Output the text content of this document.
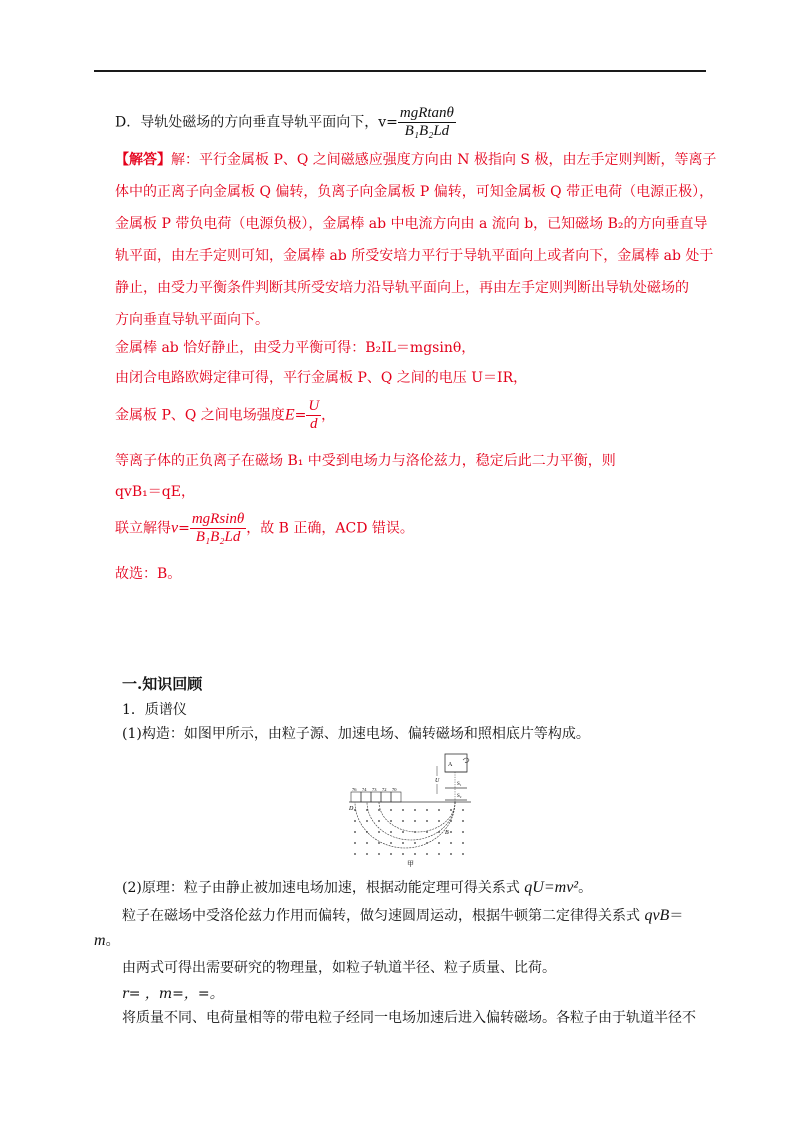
D．导轨处磁场的方向垂直导轨平面向下，$v= \frac{\text{mgRtanθ}}{\text{B₁B₂Ld}}$
【解答】解：平行金属板 P、Q 之间磁感应强度方向由 N 极指向 S 极，由左手定则判断，等离子
体中的正离子向金属板 Q 偏转，负离子向金属板 P 偏转，可知金属板 Q 带正电荷（电源正极），
金属板 P 带负电荷（电源负极），金属棒 ab 中电流方向由 a 流向 b，已知磁场 B₂的方向垂直导
轨平面，由左手定则可知，金属棒 ab 所受安培力平行于导轨平面向上或者向下，金属棒 ab 处于
静止，由受力平衡条件判断其所受安培力沿导轨平面向上，再由左手定则判断出导轨处磁场的
方向垂直导轨平面向下。
金属棒 ab 恰好静止，由受力平衡可得：B₂IL＝mgsinθ，
由闭合电路欧姆定律可得，平行金属板 P、Q 之间的电压 U＝IR，
金属板 P、Q 之间电场强度$E= \frac{U}{d}$ ，
等离子体的正负离子在磁场 B₁ 中受到电场力与洛伦兹力，稳定后此二力平衡，则
qvB₁＝qE，
联立解得$v= \frac{\text{mgRsinθ}}{\text{B₁B₂Ld}}$ ，故 B 正确，ACD 错误。
故选：B。
一.知识回顾
1．质谱仪
(1)构造：如图甲所示，由粒子源、加速电场、偏转磁场和照相底片等构成。
A
U
S₁
S₂
76 74 73 72 70
D
B
甲
(2)原理：粒子由静止被加速电场加速，根据动能定理可得关系式 qU=mv²。
粒子在磁场中受洛伦兹力作用而偏转，做匀速圆周运动，根据牛顿第二定律得关系式 qvB＝
m。
由两式可得出需要研究的物理量，如粒子轨道半径、粒子质量、比荷。
r= ，m=，=。
将质量不同、电荷量相等的带电粒子经同一电场加速后进入偏转磁场。各粒子由于轨道半径不
